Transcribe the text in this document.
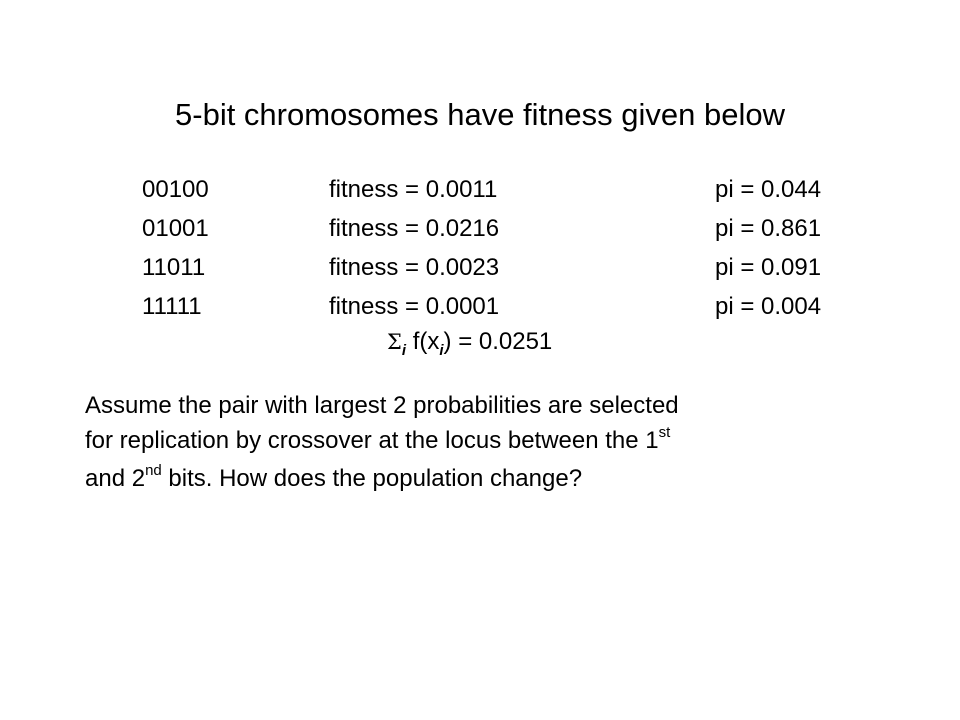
5-bit chromosomes have fitness given below
00100	fitness = 0.0011	pi = 0.044
01001	fitness = 0.0216	pi = 0.861
11011	fitness = 0.0023	pi = 0.091
11111	fitness = 0.0001	pi = 0.004
$\Sigma_i$ $f(x_i) = 0.0251$
Assume the pair with largest 2 probabilities are selected
for replication by crossover at the locus between the 1st
and 2nd bits. How does the population change?
